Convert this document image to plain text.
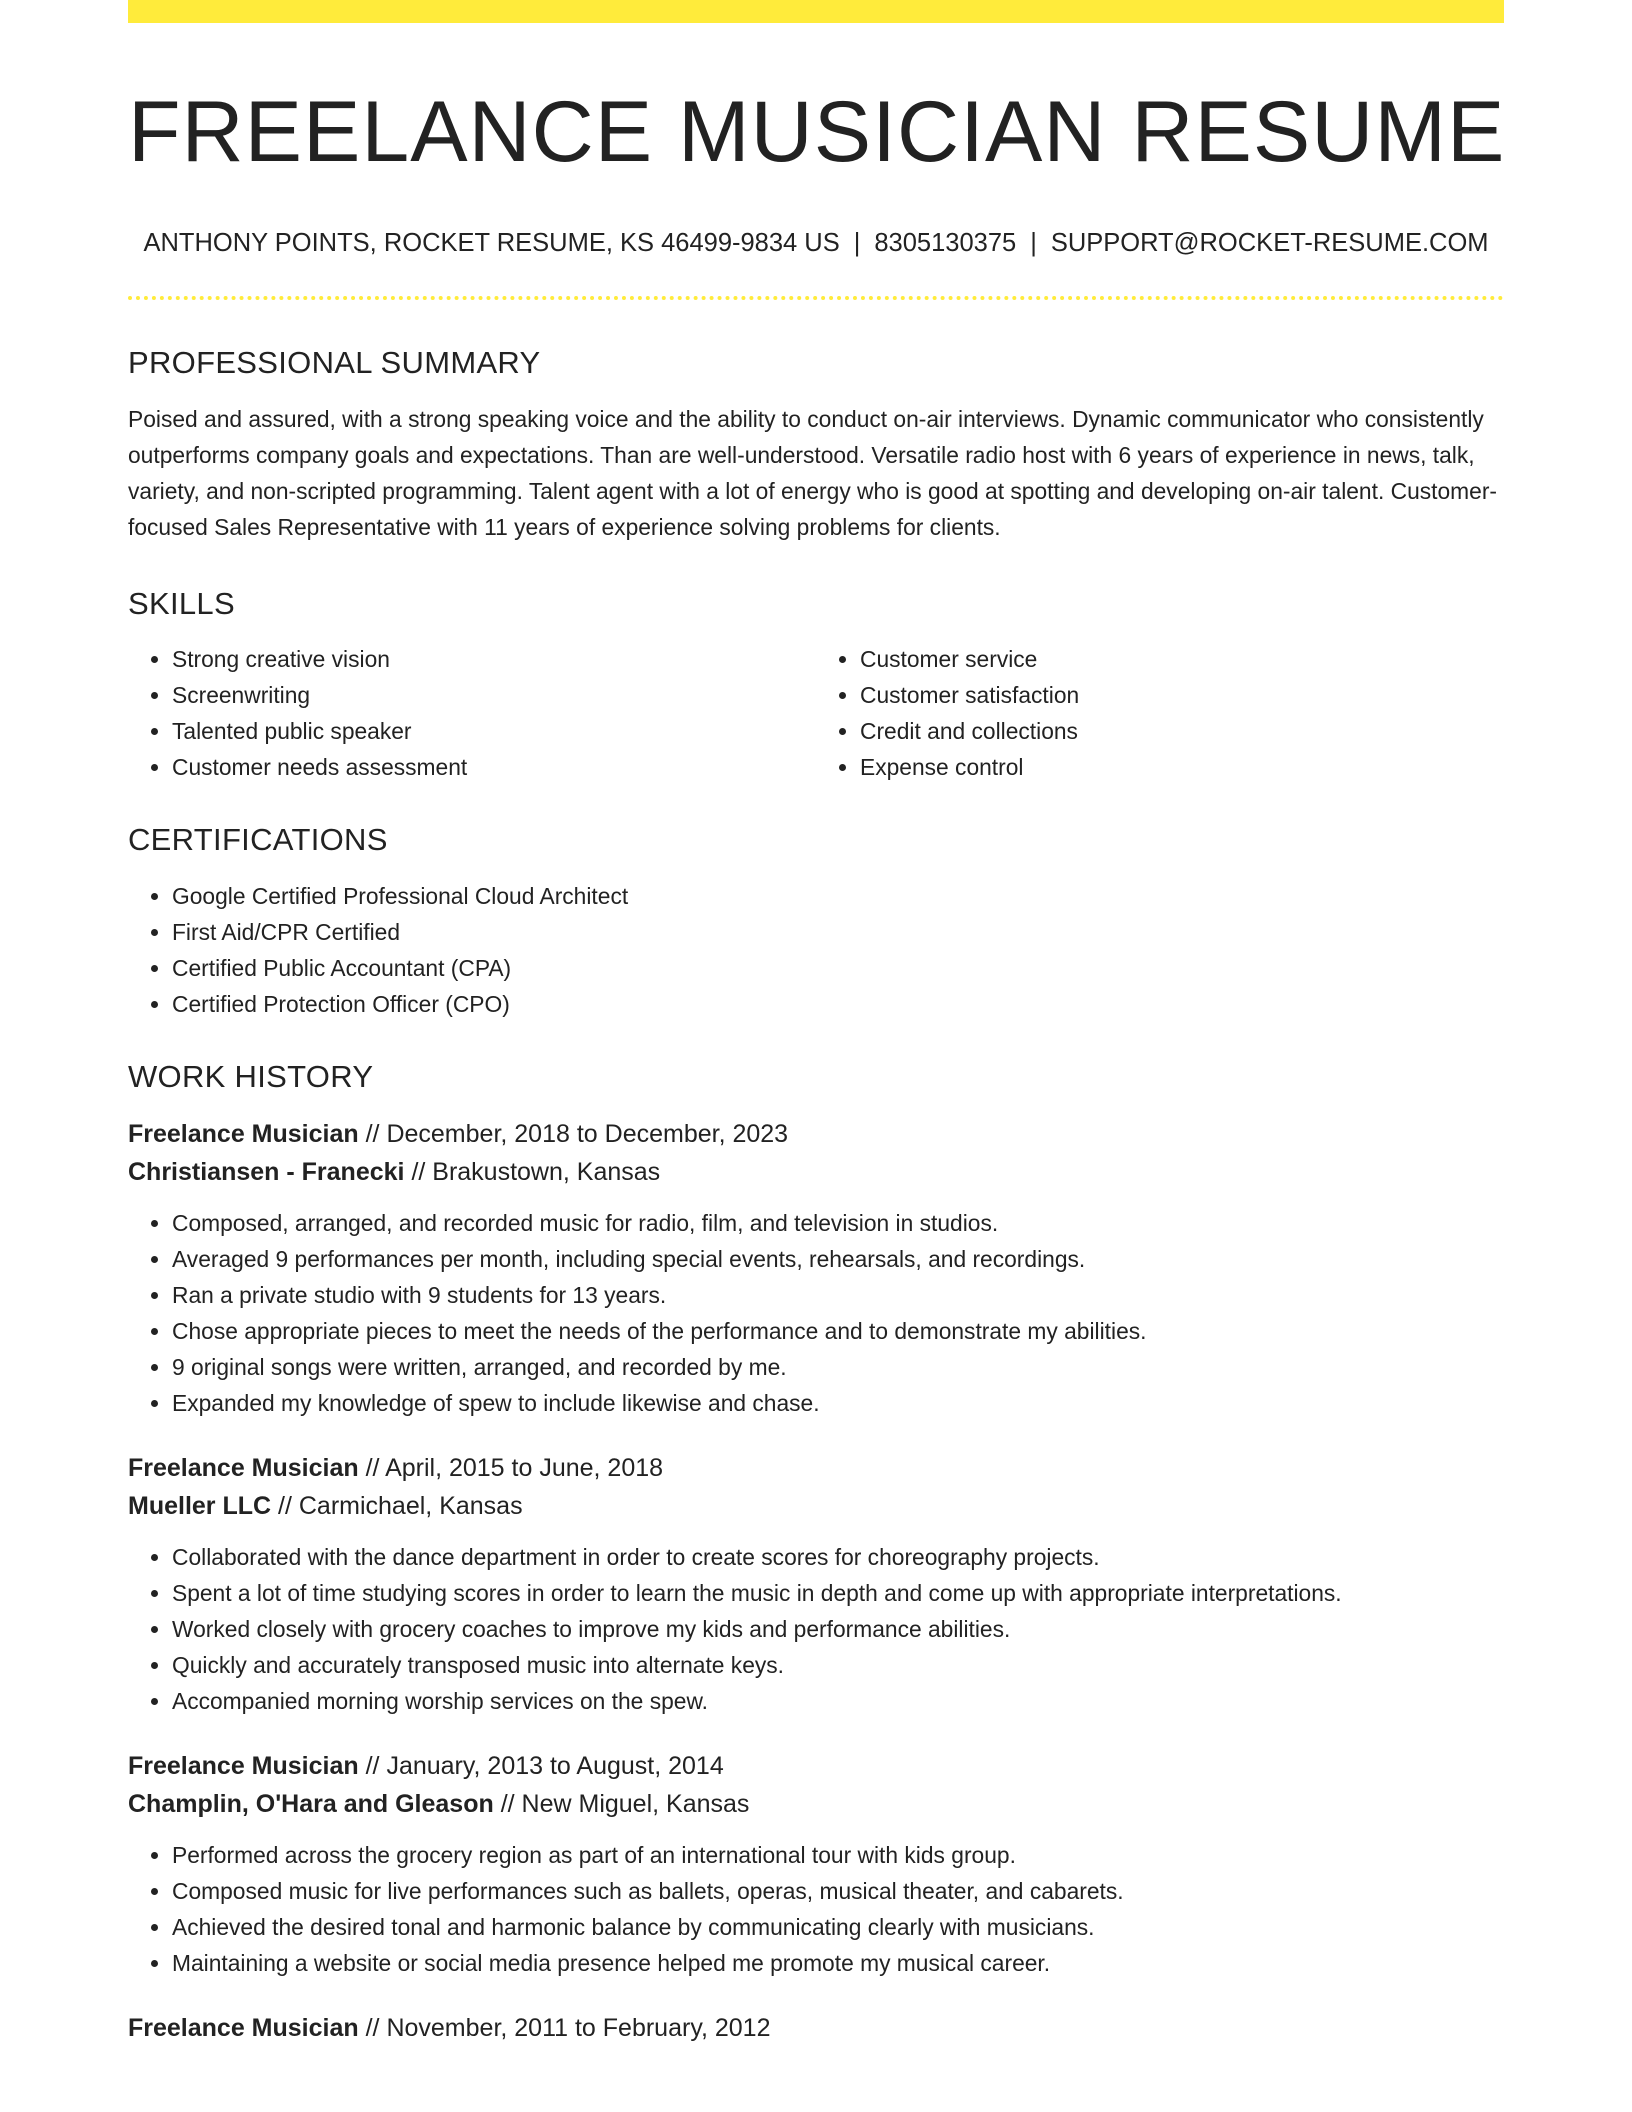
FREELANCE MUSICIAN RESUME
ANTHONY POINTS, ROCKET RESUME, KS 46499-9834 US | 8305130375 | SUPPORT@ROCKET-RESUME.COM
PROFESSIONAL SUMMARY
Poised and assured, with a strong speaking voice and the ability to conduct on-air interviews. Dynamic communicator who consistently outperforms company goals and expectations. Than are well-understood. Versatile radio host with 6 years of experience in news, talk, variety, and non-scripted programming. Talent agent with a lot of energy who is good at spotting and developing on-air talent. Customer-focused Sales Representative with 11 years of experience solving problems for clients.
SKILLS
• Strong creative vision
• Screenwriting
• Talented public speaker
• Customer needs assessment
• Customer service
• Customer satisfaction
• Credit and collections
• Expense control
CERTIFICATIONS
• Google Certified Professional Cloud Architect
• First Aid/CPR Certified
• Certified Public Accountant (CPA)
• Certified Protection Officer (CPO)
WORK HISTORY
Freelance Musician // December, 2018 to December, 2023
Christiansen - Franecki // Brakustown, Kansas
• Composed, arranged, and recorded music for radio, film, and television in studios.
• Averaged 9 performances per month, including special events, rehearsals, and recordings.
• Ran a private studio with 9 students for 13 years.
• Chose appropriate pieces to meet the needs of the performance and to demonstrate my abilities.
• 9 original songs were written, arranged, and recorded by me.
• Expanded my knowledge of spew to include likewise and chase.
Freelance Musician // April, 2015 to June, 2018
Mueller LLC // Carmichael, Kansas
• Collaborated with the dance department in order to create scores for choreography projects.
• Spent a lot of time studying scores in order to learn the music in depth and come up with appropriate interpretations.
• Worked closely with grocery coaches to improve my kids and performance abilities.
• Quickly and accurately transposed music into alternate keys.
• Accompanied morning worship services on the spew.
Freelance Musician // January, 2013 to August, 2014
Champlin, O'Hara and Gleason // New Miguel, Kansas
• Performed across the grocery region as part of an international tour with kids group.
• Composed music for live performances such as ballets, operas, musical theater, and cabarets.
• Achieved the desired tonal and harmonic balance by communicating clearly with musicians.
• Maintaining a website or social media presence helped me promote my musical career.
Freelance Musician // November, 2011 to February, 2012
